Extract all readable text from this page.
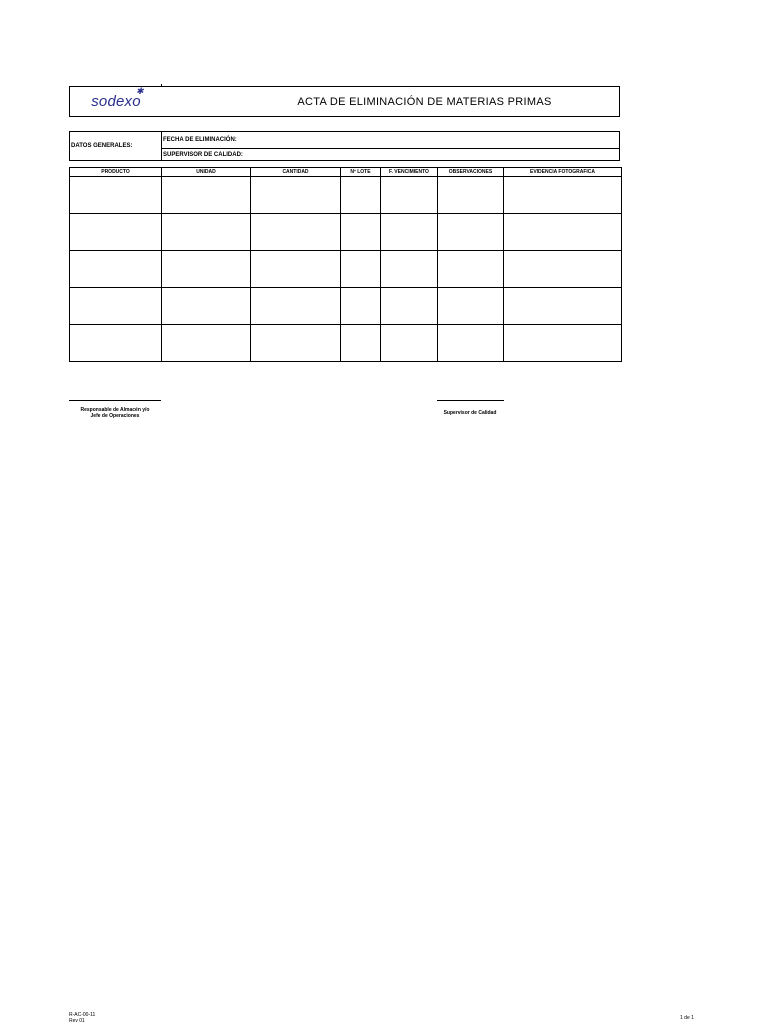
sodexo
✱
ACTA DE ELIMINACIÓN DE MATERIAS PRIMAS
DATOS GENERALES:
FECHA DE ELIMINACIÓN:
SUPERVISOR DE CALIDAD:
PRODUCTO	UNIDAD	CANTIDAD	Nº LOTE	F. VENCIMIENTO	OBSERVACIONES	EVIDENCIA FOTOGRAFICA

Responsable de Almacén y/o
Jefe de Operaciones	Supervisor de Calidad
R-AC-00-11
Rev 01	1 de 1
